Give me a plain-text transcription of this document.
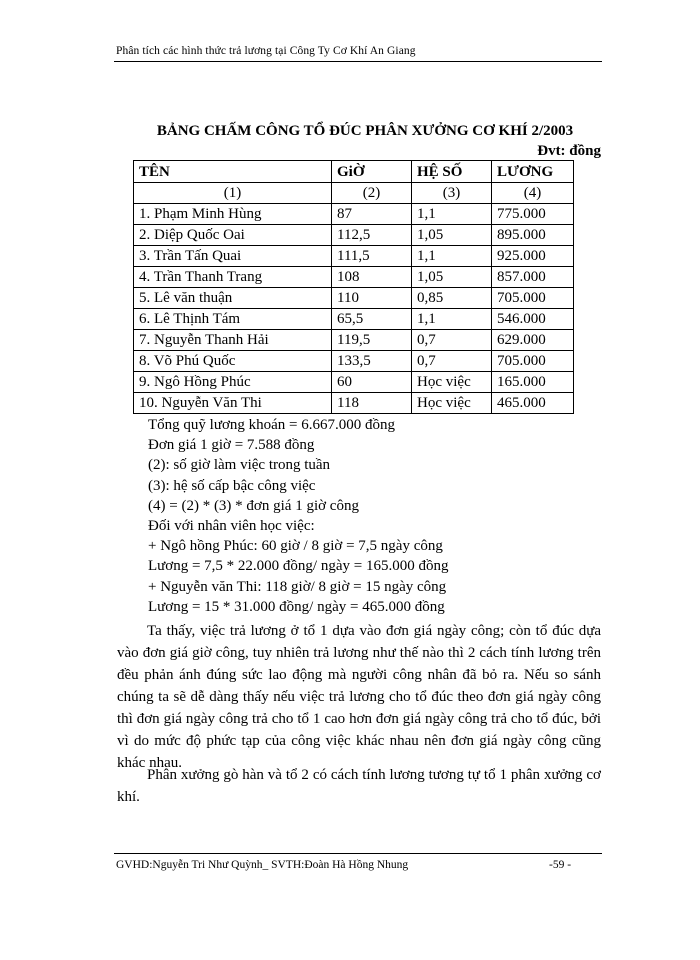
Phân tích các hình thức trả lương tại Công Ty Cơ Khí An Giang
BẢNG CHẤM CÔNG TỔ ĐÚC PHÂN XƯỞNG CƠ KHÍ 2/2003
Đvt: đồng
TÊN	GiỜ	HỆ SỐ	LƯƠNG
(1)	(2)	(3)	(4)
1. Phạm Minh Hùng	87	1,1	775.000
2. Diệp Quốc Oai	112,5	1,05	895.000
3. Trần Tấn Quai	111,5	1,1	925.000
4. Trần Thanh Trang	108	1,05	857.000
5. Lê văn thuận	110	0,85	705.000
6. Lê Thịnh Tám	65,5	1,1	546.000
7. Nguyễn Thanh Hải	119,5	0,7	629.000
8. Võ Phú Quốc	133,5	0,7	705.000
9. Ngô Hồng Phúc	60	Học việc	165.000
10. Nguyễn Văn Thi	118	Học việc	465.000
Tổng quỹ lương khoán = 6.667.000 đồng
Đơn giá 1 giờ = 7.588 đồng
(2): số giờ làm việc trong tuần
(3): hệ số cấp bậc công việc
(4) = (2) * (3) * đơn giá 1 giờ công
Đối với nhân viên học việc:
+ Ngô hồng Phúc: 60 giờ / 8 giờ = 7,5 ngày công
Lương = 7,5 * 22.000 đồng/ ngày = 165.000 đồng
+ Nguyễn văn Thi: 118 giờ/ 8 giờ = 15 ngày công
Lương = 15 * 31.000 đồng/ ngày = 465.000 đồng
Ta thấy, việc trả lương ở tổ 1 dựa vào đơn giá ngày công; còn tổ đúc dựa vào đơn giá giờ công, tuy nhiên trả lương như thế nào thì 2 cách tính lương trên đều phản ánh đúng sức lao động mà người công nhân đã bỏ ra. Nếu so sánh chúng ta sẽ dễ dàng thấy nếu việc trả lương cho tổ đúc theo đơn giá ngày công thì đơn giá ngày công trả cho tổ 1 cao hơn đơn giá ngày công trả cho tổ đúc, bởi vì do mức độ phức tạp của công việc khác nhau nên đơn giá ngày công cũng khác nhau.
Phân xưởng gò hàn và tổ 2 có cách tính lương tương tự tổ 1 phân xưởng cơ khí.
GVHD:Nguyễn Tri Như Quỳnh_ SVTH:Đoàn Hà Hồng Nhung	-59 -
